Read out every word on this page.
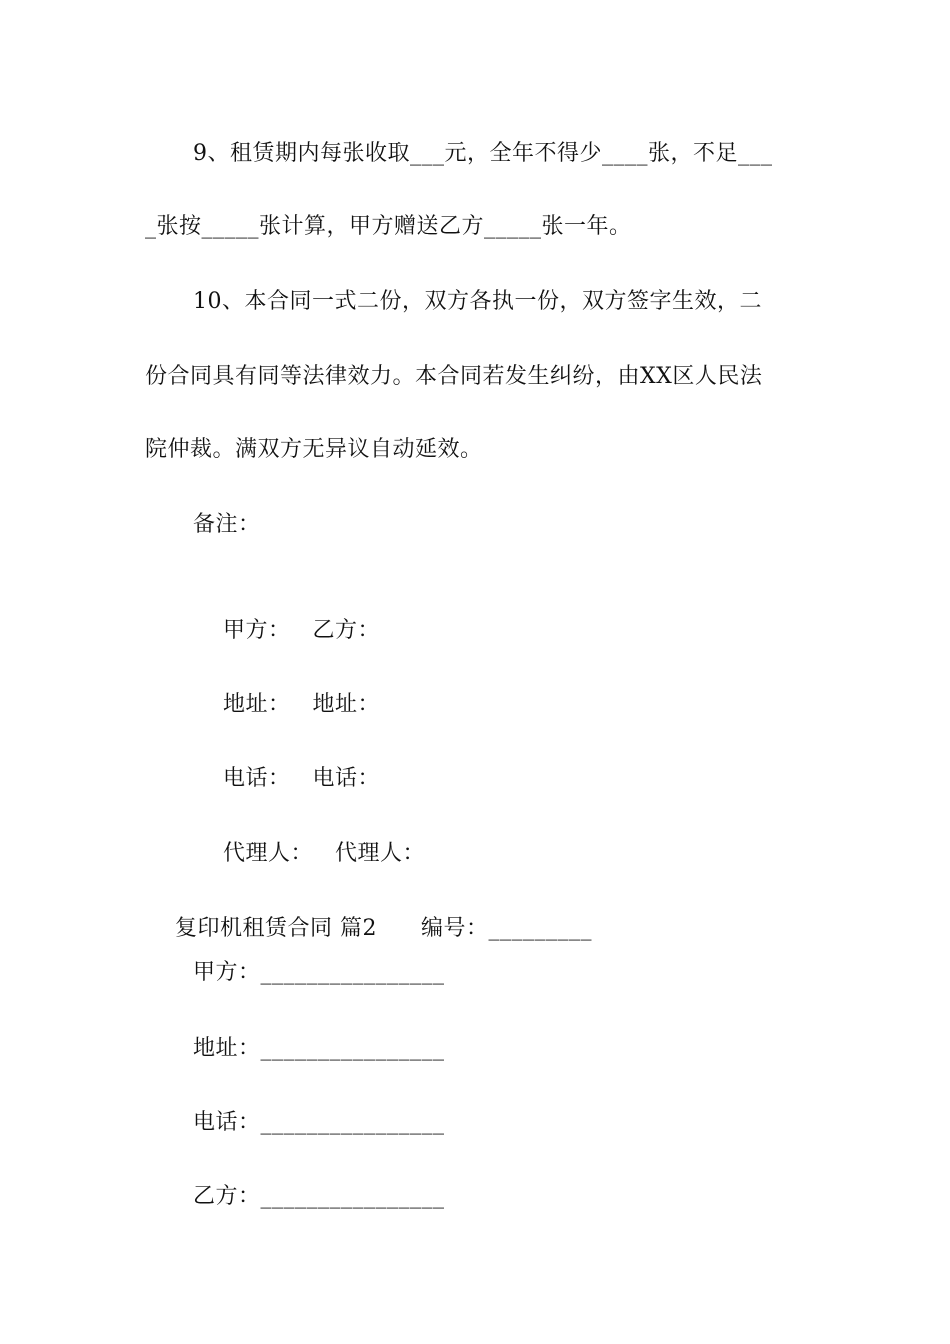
9、租赁期内每张收取___元，全年不得少____张，不足___
_张按_____张计算，甲方赠送乙方_____张一年。
10、本合同一式二份，双方各执一份，双方签字生效，二
份合同具有同等法律效力。本合同若发生纠纷，由XX区人民法
院仲裁。满双方无异议自动延效。
备注：

甲方： 乙方：

地址： 地址：

电话： 电话：

代理人： 代理人：

复印机租赁合同 篇2 编号：_________

甲方：________________
地址：________________
电话：________________
乙方：________________
